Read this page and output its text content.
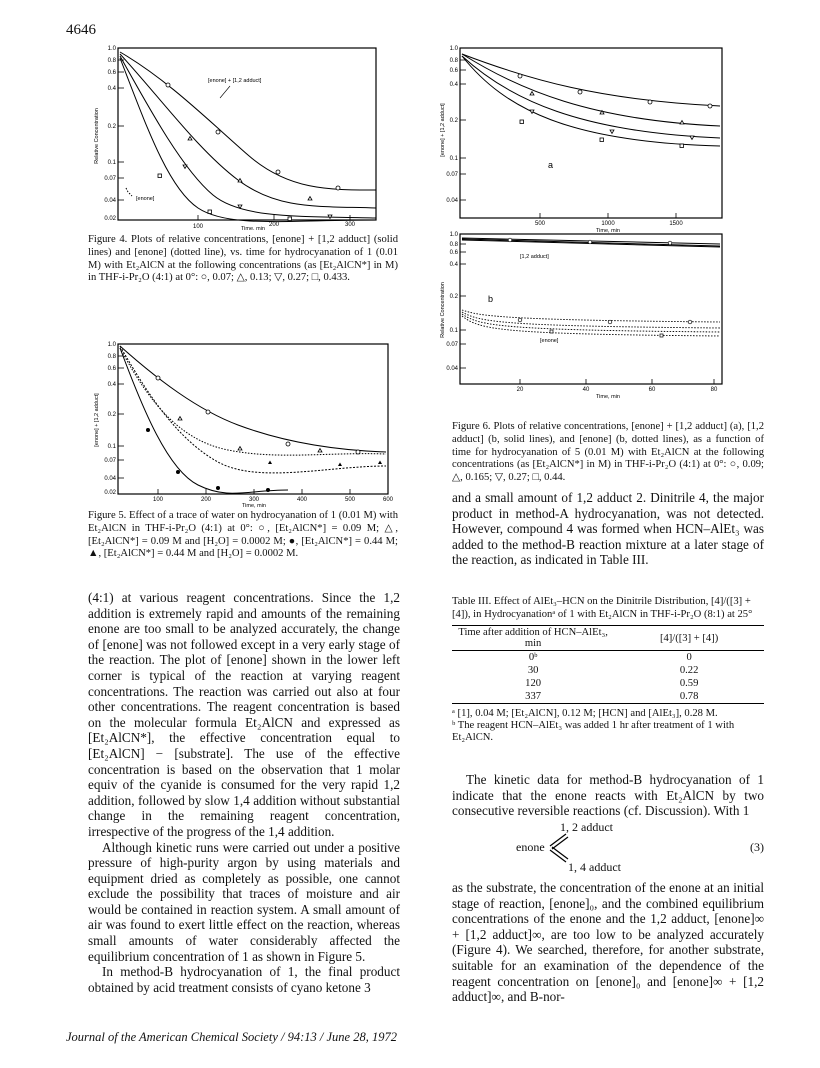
4646
1.0
0.8
0.6
0.4
0.2
0.1
0.07
0.04
0.02
100	200	300
Time, min
Relative Concentration
[enone] + [1,2 adduct]
[enone]
Figure 4. Plots of relative concentrations, [enone] + [1,2 adduct] (solid lines) and [enone] (dotted line), vs. time for hydrocyanation of 1 (0.01 M) with Et₂AlCN at the following concentrations (as [Et₂AlCN*] in M) in THF-i-Pr₂O (4:1) at 0°: ○, 0.07; △, 0.13; ▽, 0.27; □, 0.433.
1.0
0.8
0.6
0.4
0.2
0.1
0.07
0.04
0.02
100	200	300	400	500	600
Time, min
[enone] + [1,2 adduct]
Figure 5. Effect of a trace of water on hydrocyanation of 1 (0.01 M) with Et₂AlCN in THF-i-Pr₂O (4:1) at 0°: ○, [Et₂AlCN*] = 0.09 M; △, [Et₂AlCN*] = 0.09 M and [H₂O] = 0.0002 M; ●, [Et₂AlCN*] = 0.44 M; ▲, [Et₂AlCN*] = 0.44 M and [H₂O] = 0.0002 M.

(4:1) at various reagent concentrations. Since the 1,2 addition is extremely rapid and amounts of the remaining enone are too small to be analyzed accurately, the change of [enone] was not followed except in a very early stage of the reaction. The plot of [enone] shown in the lower left corner is typical of the reaction at varying reagent concentrations. The reaction was carried out also at four other concentrations. The reagent concentration is based on the molecular formula Et₂AlCN and expressed as [Et₂AlCN*], the effective concentration equal to [Et₂AlCN] − [substrate]. The use of the effective concentration is based on the observation that 1 molar equiv of the cyanide is consumed for the very rapid 1,2 addition, followed by slow 1,4 addition without substantial change in the remaining reagent concentration, irrespective of the progress of the 1,4 addition.

Although kinetic runs were carried out under a positive pressure of high-purity argon by using materials and equipment dried as completely as possible, one cannot exclude the possibility that traces of moisture and air would be contained in reaction system. A small amount of air was found to exert little effect on the reaction, whereas small amounts of water considerably affected the equilibrium concentration of 1 as shown in Figure 5.

In method-B hydrocyanation of 1, the final product obtained by acid treatment consists of cyano ketone 3

1.0
0.8
0.6
0.4
0.2
0.1
0.07
0.04
500	1000	1500
Time, min
[enone] + [1,2 adduct]
a
1.0
0.8
0.6
0.4
0.2
0.1
0.07
0.04
20	40	60	80
Time, min
Relative Concentration	b
[1,2 adduct]
[enone]
Figure 6. Plots of relative concentrations, [enone] + [1,2 adduct] (a), [1,2 adduct] (b, solid lines), and [enone] (b, dotted lines), as a function of time for hydrocyanation of 5 (0.01 M) with Et₂AlCN at the following concentrations (as [Et₂AlCN*] in M) in THF-i-Pr₂O (4:1) at 0°: ○, 0.09; △, 0.165; ▽, 0.27; □, 0.44.
and a small amount of 1,2 adduct 2. Dinitrile 4, the major product in method-A hydrocyanation, was not detected. However, compound 4 was formed when HCN–AlEt₃ was added to the method-B reaction mixture at a later stage of the reaction, as indicated in Table III.
Table III. Effect of AlEt₃–HCN on the Dinitrile Distribution, [4]/([3] + [4]), in Hydrocyanationᵃ of 1 with Et₂AlCN in THF-i-Pr₂O (8:1) at 25°
Time after addition of HCN–AlEt₃, min	[4]/([3] + [4])
0ᵇ	0
30	0.22
120	0.59
337	0.78
ᵃ [1], 0.04 M; [Et₂AlCN], 0.12 M; [HCN] and [AlEt₃], 0.28 M.
ᵇ The reagent HCN–AlEt₃ was added 1 hr after treatment of 1 with Et₂AlCN.
The kinetic data for method-B hydrocyanation of 1 indicate that the enone reacts with Et₂AlCN by two consecutive reversible reactions (cf. Discussion). With 1
1, 2 adduct
enone
1, 4 adduct
(3)
as the substrate, the concentration of the enone at an initial stage of reaction, [enone]₀, and the combined equilibrium concentrations of the enone and the 1,2 adduct, [enone]∞ + [1,2 adduct]∞, are too low to be analyzed accurately (Figure 4). We searched, therefore, for another substrate, suitable for an examination of the dependence of the reagent concentration on [enone]₀ and [enone]∞ + [1,2 adduct]∞, and B-nor-
Journal of the American Chemical Society / 94:13 / June 28, 1972
